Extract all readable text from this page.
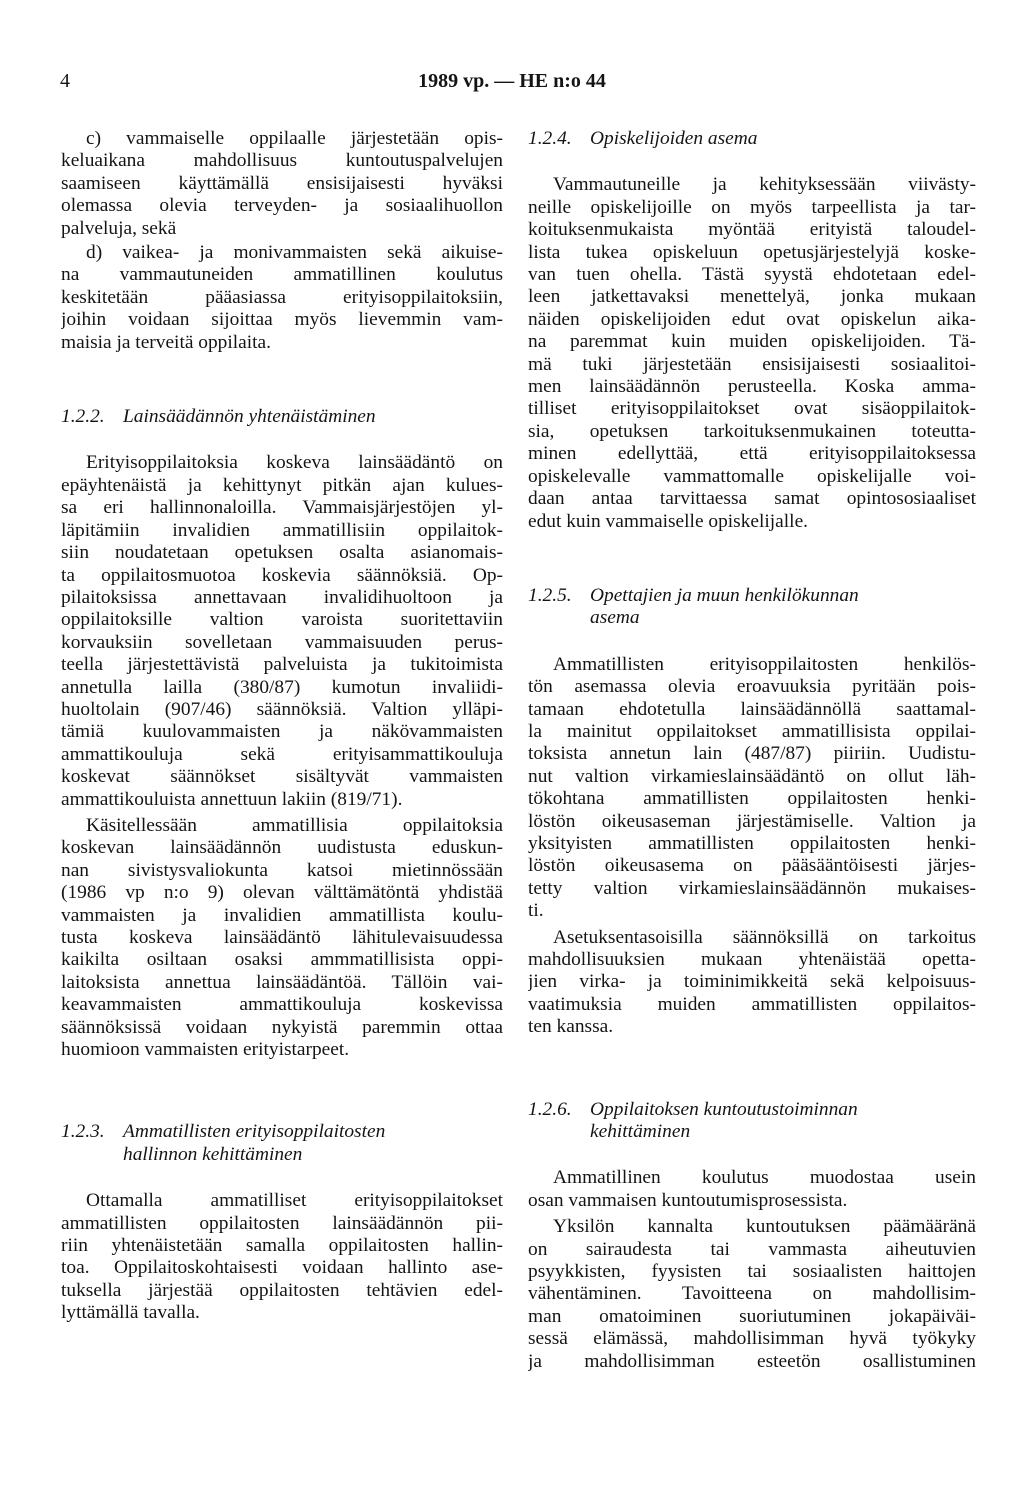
4	1989 vp. — HE n:o 44
c) vammaiselle oppilaalle järjestetään opis-
keluaikana mahdollisuus kuntoutuspalvelujen
saamiseen käyttämällä ensisijaisesti hyväksi
olemassa olevia terveyden- ja sosiaalihuollon
palveluja, sekä
d) vaikea- ja monivammaisten sekä aikuise-
na vammautuneiden ammatillinen koulutus
keskitetään pääasiassa erityisoppilaitoksiin,
joihin voidaan sijoittaa myös lievemmin vam-
maisia ja terveitä oppilaita.
1.2.2. Lainsäädännön yhtenäistäminen
Erityisoppilaitoksia koskeva lainsäädäntö on
epäyhtenäistä ja kehittynyt pitkän ajan kulues-
sa eri hallinnonaloilla. Vammaisjärjestöjen yl-
läpitämiin invalidien ammatillisiin oppilaitok-
siin noudatetaan opetuksen osalta asianomais-
ta oppilaitosmuotoa koskevia säännöksiä. Op-
pilaitoksissa annettavaan invalidihuoltoon ja
oppilaitoksille valtion varoista suoritettaviin
korvauksiin sovelletaan vammaisuuden perus-
teella järjestettävistä palveluista ja tukitoimista
annetulla lailla (380/87) kumotun invaliidi-
huoltolain (907/46) säännöksiä. Valtion ylläpi-
tämiä kuulovammaisten ja näkövammaisten
ammattikouluja sekä erityisammattikouluja
koskevat säännökset sisältyvät vammaisten
ammattikouluista annettuun lakiin (819/71).
Käsitellessään ammatillisia oppilaitoksia
koskevan lainsäädännön uudistusta eduskun-
nan sivistysvaliokunta katsoi mietinnössään
(1986 vp n:o 9) olevan välttämätöntä yhdistää
vammaisten ja invalidien ammatillista koulu-
tusta koskeva lainsäädäntö lähitulevaisuudessa
kaikilta osiltaan osaksi ammmatillisista oppi-
laitoksista annettua lainsäädäntöä. Tällöin vai-
keavammaisten ammattikouluja koskevissa
säännöksissä voidaan nykyistä paremmin ottaa
huomioon vammaisten erityistarpeet.
1.2.3. Ammatillisten erityisoppilaitosten
hallinnon kehittäminen
Ottamalla ammatilliset erityisoppilaitokset
ammatillisten oppilaitosten lainsäädännön pii-
riin yhtenäistetään samalla oppilaitosten hallin-
toa. Oppilaitoskohtaisesti voidaan hallinto ase-
tuksella järjestää oppilaitosten tehtävien edel-
lyttämällä tavalla.
1.2.4. Opiskelijoiden asema
Vammautuneille ja kehityksessään viivästy-
neille opiskelijoille on myös tarpeellista ja tar-
koituksenmukaista myöntää erityistä taloudel-
lista tukea opiskeluun opetusjärjestelyjä koske-
van tuen ohella. Tästä syystä ehdotetaan edel-
leen jatkettavaksi menettelyä, jonka mukaan
näiden opiskelijoiden edut ovat opiskelun aika-
na paremmat kuin muiden opiskelijoiden. Tä-
mä tuki järjestetään ensisijaisesti sosiaalitoi-
men lainsäädännön perusteella. Koska amma-
tilliset erityisoppilaitokset ovat sisäoppilaitok-
sia, opetuksen tarkoituksenmukainen toteutta-
minen edellyttää, että erityisoppilaitoksessa
opiskelevalle vammattomalle opiskelijalle voi-
daan antaa tarvittaessa samat opintososiaaliset
edut kuin vammaiselle opiskelijalle.
1.2.5. Opettajien ja muun henkilökunnan
asema
Ammatillisten erityisoppilaitosten henkilös-
tön asemassa olevia eroavuuksia pyritään pois-
tamaan ehdotetulla lainsäädännöllä saattamal-
la mainitut oppilaitokset ammatillisista oppilai-
toksista annetun lain (487/87) piiriin. Uudistu-
nut valtion virkamieslainsäädäntö on ollut läh-
tökohtana ammatillisten oppilaitosten henki-
löstön oikeusaseman järjestämiselle. Valtion ja
yksityisten ammatillisten oppilaitosten henki-
löstön oikeusasema on pääsääntöisesti järjes-
tetty valtion virkamieslainsäädännön mukaises-
ti.
Asetuksentasoisilla säännöksillä on tarkoitus
mahdollisuuksien mukaan yhtenäistää opetta-
jien virka- ja toiminimikkeitä sekä kelpoisuus-
vaatimuksia muiden ammatillisten oppilaitos-
ten kanssa.
1.2.6. Oppilaitoksen kuntoutustoiminnan
kehittäminen
Ammatillinen koulutus muodostaa usein
osan vammaisen kuntoutumisprosessista.
Yksilön kannalta kuntoutuksen päämääränä
on sairaudesta tai vammasta aiheutuvien
psyykkisten, fyysisten tai sosiaalisten haittojen
vähentäminen. Tavoitteena on mahdollisim-
man omatoiminen suoriutuminen jokapäiväi-
sessä elämässä, mahdollisimman hyvä työkyky
ja mahdollisimman esteetön osallistuminen
